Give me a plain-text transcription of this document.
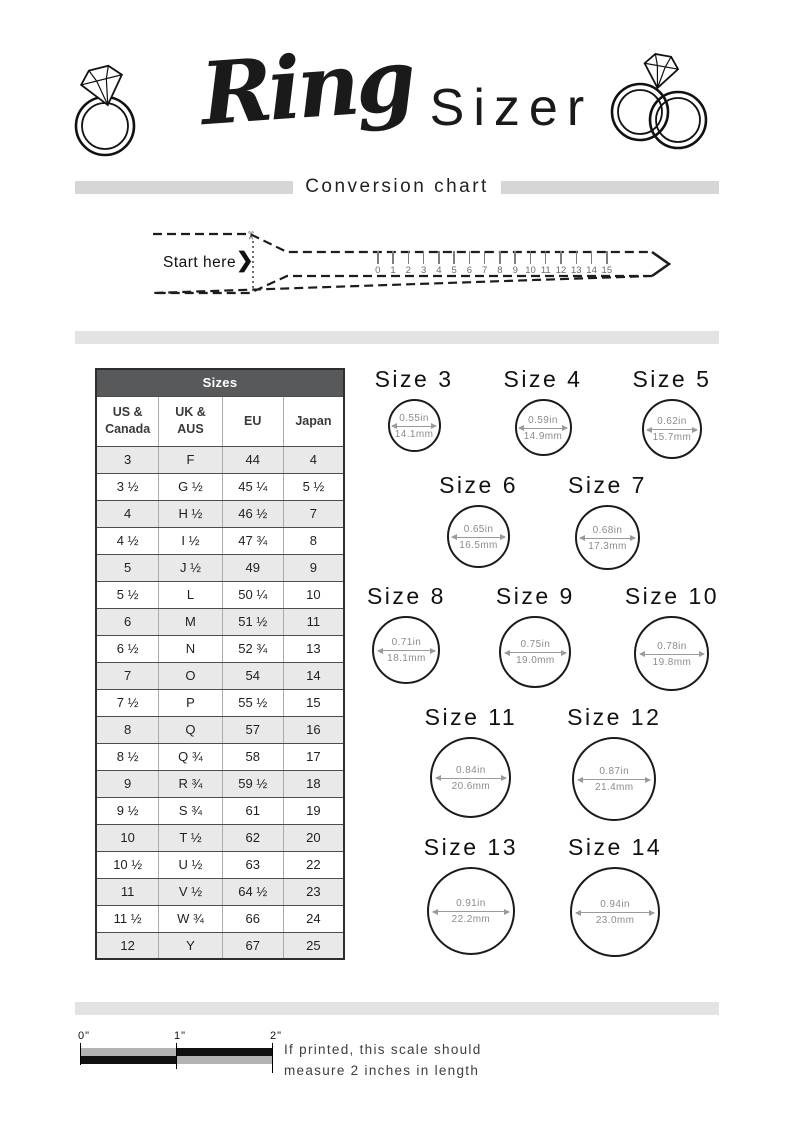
Ring Sizer
Conversion chart
Start here ❯
✂
0	1	2	3	4	5	6	7	8	9 10 11 12 13 14 15
Sizes			
US & Canada	UK & AUS	EU	Japan
3	F	44	4
3 ½	G ½	45 ¼	5 ½
4	H ½	46 ½	7
4 ½	I ½	47 ¾	8
5	J ½	49	9
5 ½	L	50 ¼	10
6	M	51 ½	11
6 ½	N	52 ¾	13
7	O	54	14
7 ½	P	55 ½	15
8	Q	57	16
8 ½	Q ¾	58	17
9	R ¾	59 ½	18
9 ½	S ¾	61	19
10	T ½	62	20
10 ½	U ½	63	22
11	V ½	64 ½	23
11 ½	W ¾	66	24
12	Y	67	25
Size 3
0.55in
14.1mm
Size 4
0.59in
14.9mm
Size 5
0.62in
15.7mm
Size 6
0.65in
16.5mm
Size 7
0.68in
17.3mm
Size 8
0.71in
18.1mm
Size 9
0.75in
19.0mm
Size 10
0.78in
19.8mm
Size 11
0.84in
20.6mm
Size 12
0.87in
21.4mm
Size 13
0.91in
22.2mm
Size 14
0.94in
23.0mm
If printed, this scale should
measure 2 inches in length
0"	1"	2"
